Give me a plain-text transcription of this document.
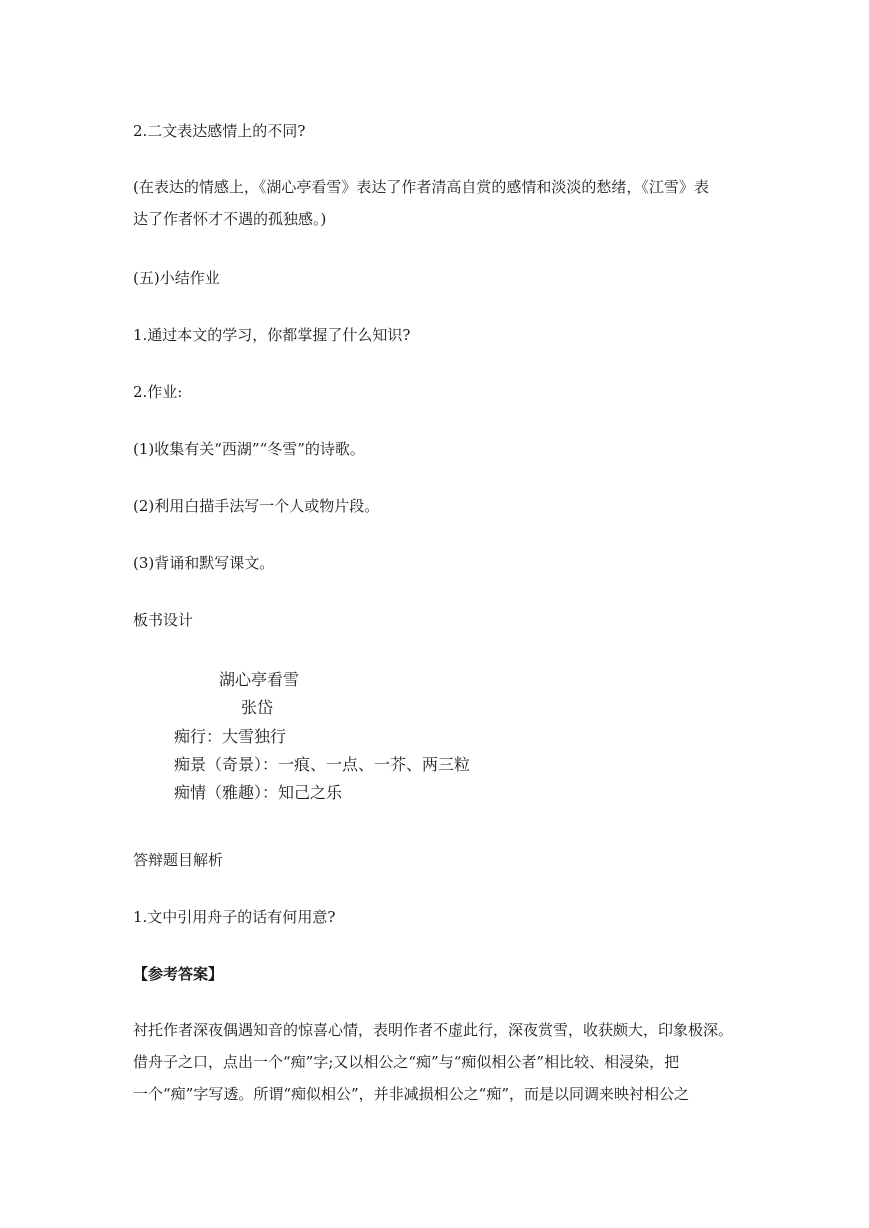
2.二文表达感情上的不同?
(在表达的情感上，《湖心亭看雪》表达了作者清高自赏的感情和淡淡的愁绪，《江雪》表
达了作者怀才不遇的孤独感。)
(五)小结作业
1.通过本文的学习，你都掌握了什么知识?
2.作业:
(1)收集有关“西湖”“冬雪”的诗歌。
(2)利用白描手法写一个人或物片段。
(3)背诵和默写课文。
板书设计
湖心亭看雪
张岱
痴行：大雪独行
痴景（奇景）：一痕、一点、一芥、两三粒
痴情（雅趣）：知己之乐
答辩题目解析
1.文中引用舟子的话有何用意?
【参考答案】
衬托作者深夜偶遇知音的惊喜心情，表明作者不虚此行，深夜赏雪，收获颇大，印象极深。
借舟子之口，点出一个“痴”字;又以相公之“痴”与“痴似相公者”相比较、相浸染，把
一个“痴”字写透。所谓“痴似相公”，并非减损相公之“痴”，而是以同调来映衬相公之
